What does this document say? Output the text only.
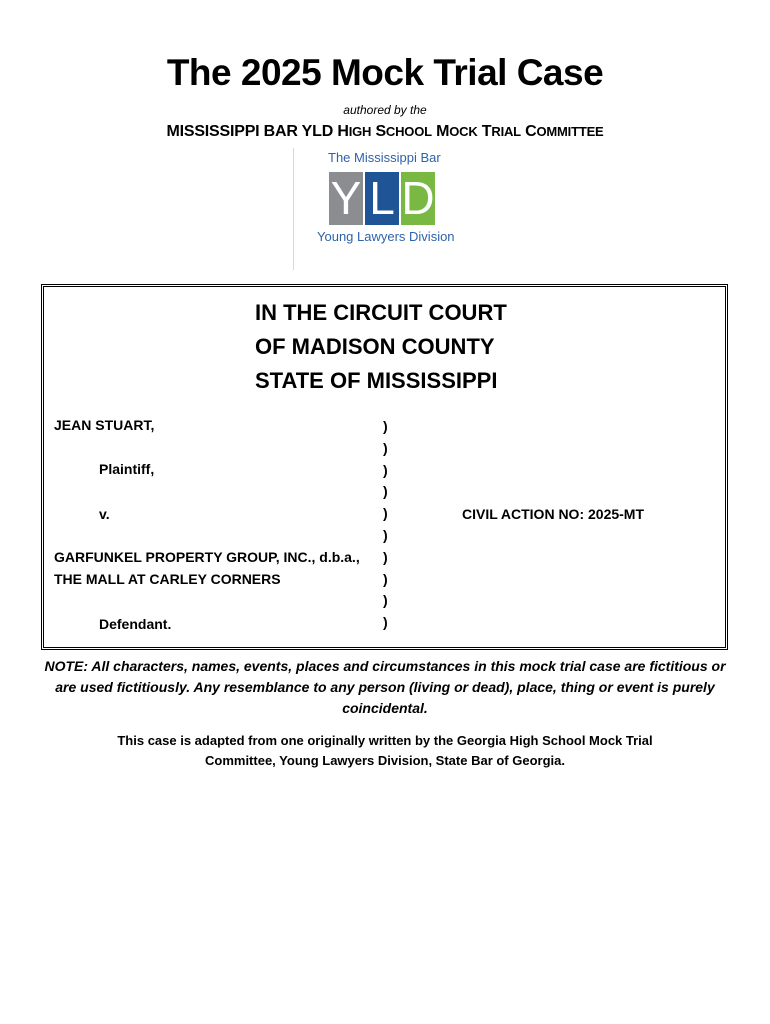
The 2025 Mock Trial Case
authored by the
MISSISSIPPI BAR YLD HIGH SCHOOL MOCK TRIAL COMMITTEE
The Mississippi Bar
Y L D
Young Lawyers Division
IN THE CIRCUIT COURT
OF MADISON COUNTY
STATE OF MISSISSIPPI
JEAN STUART,
Plaintiff,
v.
GARFUNKEL PROPERTY GROUP, INC., d.b.a.,
THE MALL AT CARLEY CORNERS
Defendant.
)
)
)
)
)
)
)
)
)
)
CIVIL ACTION NO: 2025-MT
NOTE: All characters, names, events, places and circumstances in this mock trial case are fictitious or are used fictitiously. Any resemblance to any person (living or dead), place, thing or event is purely coincidental.
This case is adapted from one originally written by the Georgia High School Mock Trial Committee, Young Lawyers Division, State Bar of Georgia.
